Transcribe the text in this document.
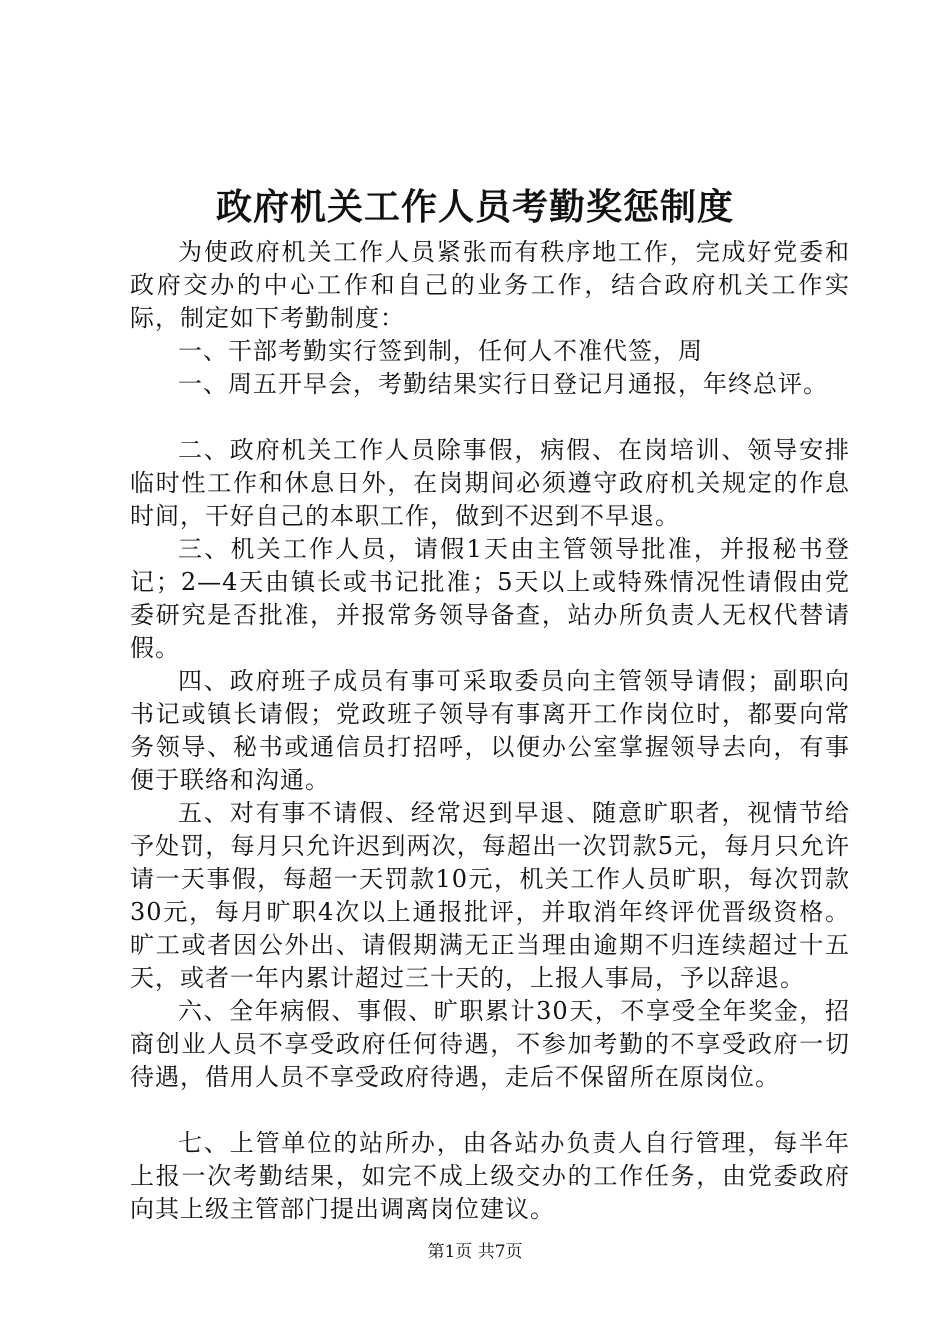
政府机关工作人员考勤奖惩制度

为使政府机关工作人员紧张而有秩序地工作，完成好党委和政府交办的中心工作和自己的业务工作，结合政府机关工作实际，制定如下考勤制度：

一、干部考勤实行签到制，任何人不准代签，周

一、周五开早会，考勤结果实行日登记月通报，年终总评。

二、政府机关工作人员除事假，病假、在岗培训、领导安排临时性工作和休息日外，在岗期间必须遵守政府机关规定的作息时间，干好自己的本职工作，做到不迟到不早退。

三、机关工作人员，请假1天由主管领导批准，并报秘书登记；2—4天由镇长或书记批准；5天以上或特殊情况性请假由党委研究是否批准，并报常务领导备查，站办所负责人无权代替请假。

四、政府班子成员有事可采取委员向主管领导请假；副职向书记或镇长请假；党政班子领导有事离开工作岗位时，都要向常务领导、秘书或通信员打招呼，以便办公室掌握领导去向，有事便于联络和沟通。

五、对有事不请假、经常迟到早退、随意旷职者，视情节给予处罚，每月只允许迟到两次，每超出一次罚款5元，每月只允许请一天事假，每超一天罚款10元，机关工作人员旷职，每次罚款30元，每月旷职4次以上通报批评，并取消年终评优晋级资格。旷工或者因公外出、请假期满无正当理由逾期不归连续超过十五天，或者一年内累计超过三十天的，上报人事局，予以辞退。

六、全年病假、事假、旷职累计30天，不享受全年奖金，招商创业人员不享受政府任何待遇，不参加考勤的不享受政府一切待遇，借用人员不享受政府待遇，走后不保留所在原岗位。

七、上管单位的站所办，由各站办负责人自行管理，每半年上报一次考勤结果，如完不成上级交办的工作任务，由党委政府向其上级主管部门提出调离岗位建议。

第1页 共7页
